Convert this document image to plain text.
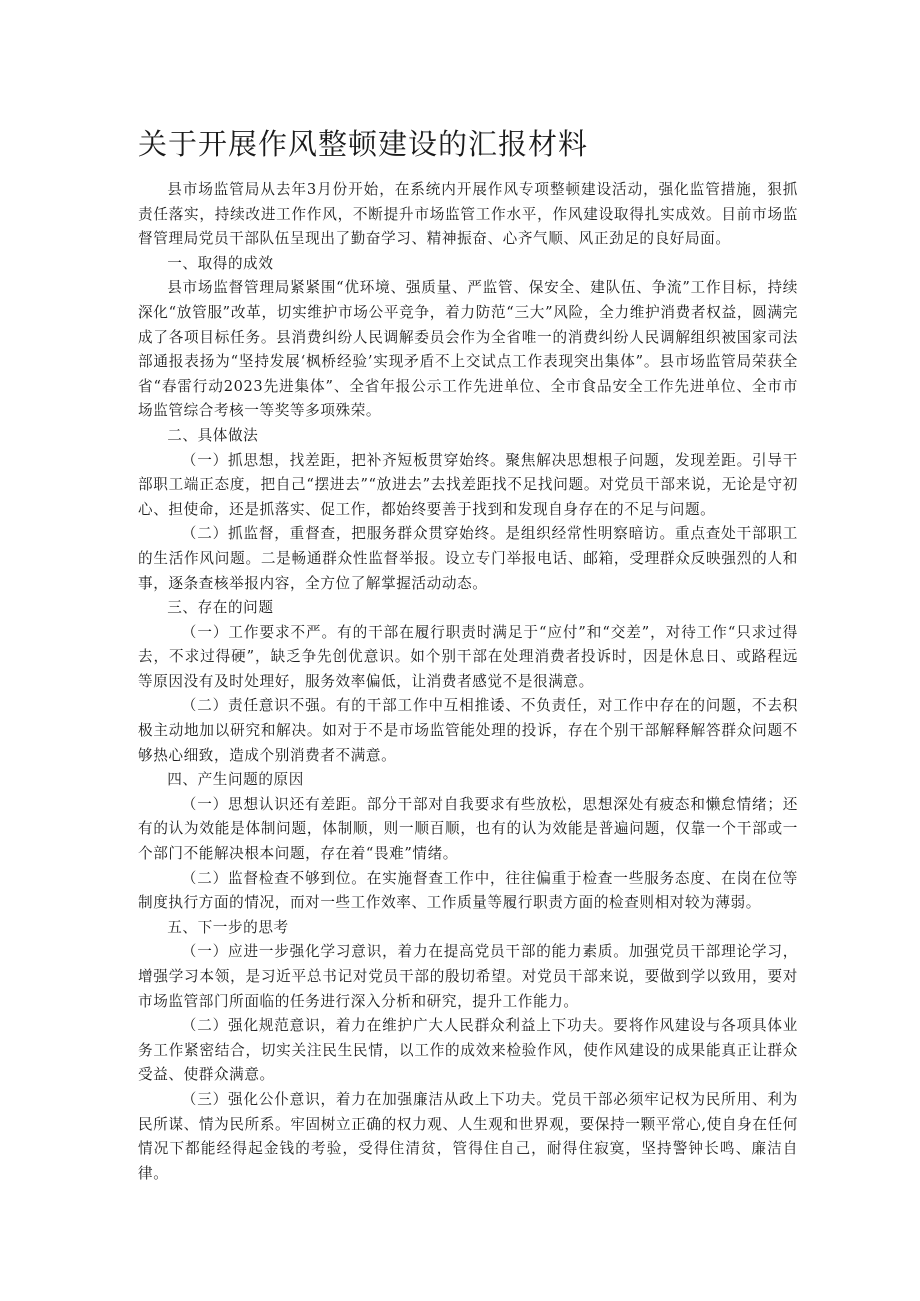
关于开展作风整顿建设的汇报材料

县市场监管局从去年3月份开始，在系统内开展作风专项整顿建设活动，强化监管措施，狠抓责任落实，持续改进工作作风，不断提升市场监管工作水平，作风建设取得扎实成效。目前市场监督管理局党员干部队伍呈现出了勤奋学习、精神振奋、心齐气顺、风正劲足的良好局面。

一、取得的成效

县市场监督管理局紧紧围“优环境、强质量、严监管、保安全、建队伍、争流”工作目标，持续深化“放管服”改革，切实维护市场公平竞争，着力防范“三大”风险，全力维护消费者权益，圆满完成了各项目标任务。县消费纠纷人民调解委员会作为全省唯一的消费纠纷人民调解组织被国家司法部通报表扬为“坚持发展‘枫桥经验’实现矛盾不上交试点工作表现突出集体”。县市场监管局荣获全省“春雷行动2023先进集体”、全省年报公示工作先进单位、全市食品安全工作先进单位、全市市场监管综合考核一等奖等多项殊荣。

二、具体做法

（一）抓思想，找差距，把补齐短板贯穿始终。聚焦解决思想根子问题，发现差距。引导干部职工端正态度，把自己“摆进去”“放进去”去找差距找不足找问题。对党员干部来说，无论是守初心、担使命，还是抓落实、促工作，都始终要善于找到和发现自身存在的不足与问题。

（二）抓监督，重督查，把服务群众贯穿始终。是组织经常性明察暗访。重点查处干部职工的生活作风问题。二是畅通群众性监督举报。设立专门举报电话、邮箱，受理群众反映强烈的人和事，逐条查核举报内容，全方位了解掌握活动动态。

三、存在的问题

（一）工作要求不严。有的干部在履行职责时满足于“应付”和“交差”，对待工作“只求过得去，不求过得硬”，缺乏争先创优意识。如个别干部在处理消费者投诉时，因是休息日、或路程远等原因没有及时处理好，服务效率偏低，让消费者感觉不是很满意。

（二）责任意识不强。有的干部工作中互相推诿、不负责任，对工作中存在的问题，不去积极主动地加以研究和解决。如对于不是市场监管能处理的投诉，存在个别干部解释解答群众问题不够热心细致，造成个别消费者不满意。

四、产生问题的原因

（一）思想认识还有差距。部分干部对自我要求有些放松，思想深处有疲态和懒怠情绪；还有的认为效能是体制问题，体制顺，则一顺百顺，也有的认为效能是普遍问题，仅靠一个干部或一个部门不能解决根本问题，存在着“畏难”情绪。

（二）监督检查不够到位。在实施督查工作中，往往偏重于检查一些服务态度、在岗在位等制度执行方面的情况，而对一些工作效率、工作质量等履行职责方面的检查则相对较为薄弱。

五、下一步的思考

（一）应进一步强化学习意识，着力在提高党员干部的能力素质。加强党员干部理论学习，增强学习本领，是习近平总书记对党员干部的殷切希望。对党员干部来说，要做到学以致用，要对市场监管部门所面临的任务进行深入分析和研究，提升工作能力。

（二）强化规范意识，着力在维护广大人民群众利益上下功夫。要将作风建设与各项具体业务工作紧密结合，切实关注民生民情，以工作的成效来检验作风，使作风建设的成果能真正让群众受益、使群众满意。

（三）强化公仆意识，着力在加强廉洁从政上下功夫。党员干部必须牢记权为民所用、利为民所谋、情为民所系。牢固树立正确的权力观、人生观和世界观，要保持一颗平常心,使自身在任何情况下都能经得起金钱的考验，受得住清贫，管得住自己，耐得住寂寞，坚持警钟长鸣、廉洁自律。
